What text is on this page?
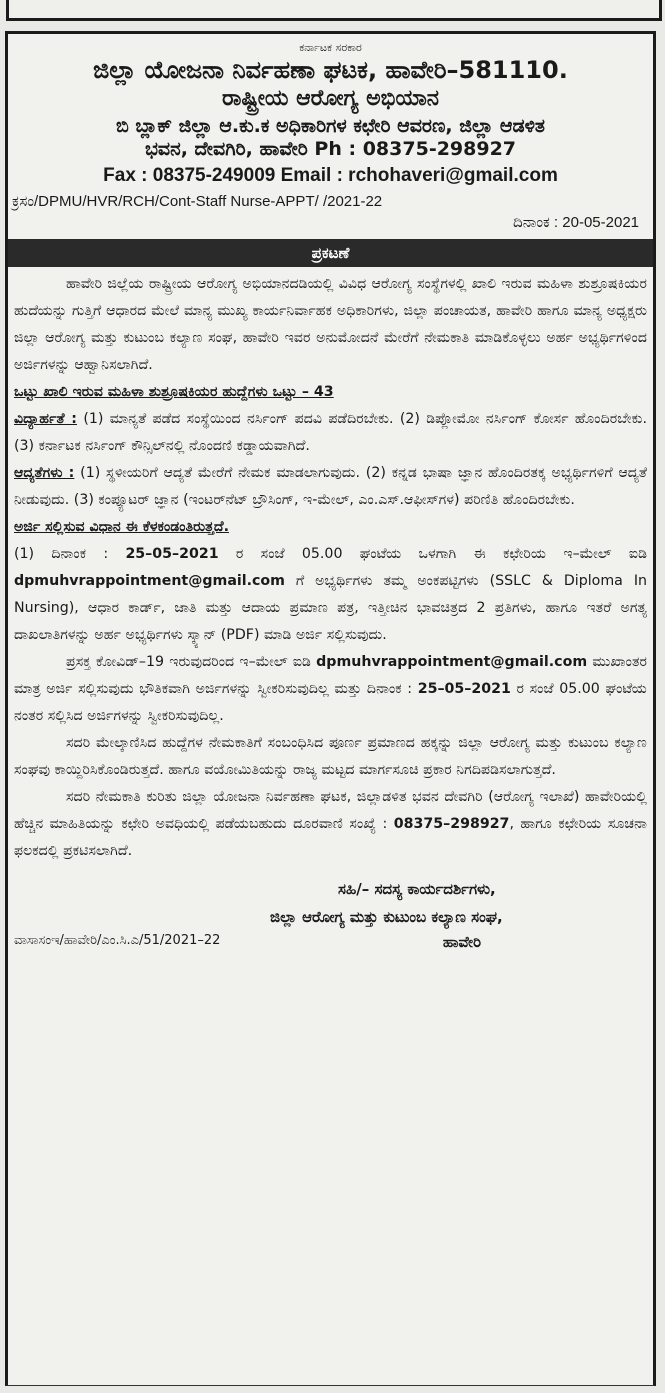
ಕರ್ನಾಟಕ ಸರಕಾರ
ಜಿಲ್ಲಾ ಯೋಜನಾ ನಿರ್ವಹಣಾ ಘಟಕ, ಹಾವೇರಿ–581110.
ರಾಷ್ಟ್ರೀಯ ಆರೋಗ್ಯ ಅಭಿಯಾನ
ಬಿ ಬ್ಲಾಕ್ ಜಿಲ್ಲಾ ಆ.ಕು.ಕ ಅಧಿಕಾರಿಗಳ ಕಛೇರಿ ಆವರಣ, ಜಿಲ್ಲಾ ಆಡಳಿತ
ಭವನ, ದೇವಗಿರಿ, ಹಾವೇರಿ Ph : 08375-298927
Fax : 08375-249009 Email : rchohaveri@gmail.com
ಕ್ರಸಂ/DPMU/HVR/RCH/Cont-Staff Nurse-APPT/ /2021-22
ದಿನಾಂಕ : 20-05-2021
ಪ್ರಕಟಣೆ

ಹಾವೇರಿ ಜಿಲ್ಲೆಯ ರಾಷ್ಟ್ರೀಯ ಆರೋಗ್ಯ ಅಭಿಯಾನದಡಿಯಲ್ಲಿ ವಿವಿಧ ಆರೋಗ್ಯ ಸಂಸ್ಥೆಗಳಲ್ಲಿ ಖಾಲಿ ಇರುವ ಮಹಿಳಾ ಶುಶ್ರೂಷಕಿಯರ ಹುದೆಯನ್ನು ಗುತ್ತಿಗೆ ಆಧಾರದ ಮೇಲೆ ಮಾನ್ಯ ಮುಖ್ಯ ಕಾರ್ಯನಿರ್ವಾಹಕ ಅಧಿಕಾರಿಗಳು, ಜಿಲ್ಲಾ ಪಂಚಾಯತ, ಹಾವೇರಿ ಹಾಗೂ ಮಾನ್ಯ ಅಧ್ಯಕ್ಷರು ಜಿಲ್ಲಾ ಆರೋಗ್ಯ ಮತ್ತು ಕುಟುಂಬ ಕಲ್ಯಾಣ ಸಂಘ, ಹಾವೇರಿ ಇವರ ಅನುಮೋದನೆ ಮೇರೆಗೆ ನೇಮಕಾತಿ ಮಾಡಿಕೊಳ್ಳಲು ಅರ್ಹ ಅಭ್ಯರ್ಥಿಗಳಿಂದ ಅರ್ಜಿಗಳನ್ನು ಆಹ್ವಾನಿಸಲಾಗಿದೆ.

ಒಟ್ಟು ಖಾಲಿ ಇರುವ ಮಹಿಳಾ ಶುಶ್ರೂಷಕಿಯರ ಹುದ್ದೆಗಳು ಒಟ್ಟು – 43

ವಿದ್ಯಾರ್ಹತೆ : (1) ಮಾನ್ಯತೆ ಪಡೆದ ಸಂಸ್ಥೆಯಿಂದ ನರ್ಸಿಂಗ್ ಪದವಿ ಪಡೆದಿರಬೇಕು. (2) ಡಿಪ್ಲೋಮೋ ನರ್ಸಿಂಗ್ ಕೋರ್ಸ ಹೊಂದಿರಬೇಕು. (3) ಕರ್ನಾಟಕ ನರ್ಸಿಂಗ್ ಕೌನ್ಸಿಲ್‌ನಲ್ಲಿ ನೊಂದಣಿ ಕಡ್ಡಾಯವಾಗಿದೆ.

ಆದ್ಯತೆಗಳು : (1) ಸ್ಥಳೀಯರಿಗೆ ಆದ್ಯತೆ ಮೇರೆಗೆ ನೇಮಕ ಮಾಡಲಾಗುವುದು. (2) ಕನ್ನಡ ಭಾಷಾ ಜ್ಞಾನ ಹೊಂದಿರತಕ್ಕ ಅಭ್ಯರ್ಥಿಗಳಿಗೆ ಆದ್ಯತೆ ನೀಡುವುದು. (3) ಕಂಪ್ಯೂಟರ್ ಜ್ಞಾನ (ಇಂಟರ್‌ನೆಟ್ ಬ್ರೌಸಿಂಗ್, ಇ-ಮೇಲ್, ಎಂ.ಎಸ್.ಆಫೀಸ್‌ಗಳ) ಪರಿಣಿತಿ ಹೊಂದಿರಬೇಕು.

ಅರ್ಜಿ ಸಲ್ಲಿಸುವ ವಿಧಾನ ಈ ಕೆಳಕಂಡಂತಿರುತ್ತದೆ.

(1) ದಿನಾಂಕ : 25–05–2021 ರ ಸಂಜೆ 05.00 ಘಂಟೆಯ ಒಳಗಾಗಿ ಈ ಕಛೇರಿಯ ಇ–ಮೇಲ್ ಐಡಿ dpmuhvrappointment@gmail.com ಗೆ ಅಭ್ಯರ್ಥಿಗಳು ತಮ್ಮ ಅಂಕಪಟ್ಟಿಗಳು (SSLC & Diploma In Nursing), ಆಧಾರ ಕಾರ್ಡ್, ಜಾತಿ ಮತ್ತು ಆದಾಯ ಪ್ರಮಾಣ ಪತ್ರ, ಇತ್ತೀಚಿನ ಭಾವಚಿತ್ರದ 2 ಪ್ರತಿಗಳು, ಹಾಗೂ ಇತರೆ ಅಗತ್ಯ ದಾಖಲಾತಿಗಳನ್ನು ಅರ್ಹ ಅಭ್ಯರ್ಥಿಗಳು ಸ್ಕ್ಯಾನ್ (PDF) ಮಾಡಿ ಅರ್ಜಿ ಸಲ್ಲಿಸುವುದು.

ಪ್ರಸಕ್ತ ಕೋವಿಡ್–19 ಇರುವುದರಿಂದ ಇ–ಮೇಲ್ ಐಡಿ dpmuhvrappointment@gmail.com ಮುಖಾಂತರ ಮಾತ್ರ ಅರ್ಜಿ ಸಲ್ಲಿಸುವುದು ಭೌತಿಕವಾಗಿ ಅರ್ಜಿಗಳನ್ನು ಸ್ವೀಕರಿಸುವುದಿಲ್ಲ ಮತ್ತು ದಿನಾಂಕ : 25–05–2021 ರ ಸಂಜೆ 05.00 ಘಂಟೆಯ ನಂತರ ಸಲ್ಲಿಸಿದ ಅರ್ಜಿಗಳನ್ನು ಸ್ವೀಕರಿಸುವುದಿಲ್ಲ.

ಸದರಿ ಮೇಲ್ಕಾಣಿಸಿದ ಹುದ್ದೆಗಳ ನೇಮಕಾತಿಗೆ ಸಂಬಂಧಿಸಿದ ಪೂರ್ಣ ಪ್ರಮಾಣದ ಹಕ್ಕನ್ನು ಜಿಲ್ಲಾ ಆರೋಗ್ಯ ಮತ್ತು ಕುಟುಂಬ ಕಲ್ಯಾಣ ಸಂಘವು ಕಾಯ್ದಿರಿಸಿಕೊಂಡಿರುತ್ತದೆ. ಹಾಗೂ ವಯೋಮಿತಿಯನ್ನು ರಾಜ್ಯ ಮಟ್ಟದ ಮಾರ್ಗಸೂಚಿ ಪ್ರಕಾರ ನಿಗದಿಪಡಿಸಲಾಗುತ್ತದೆ.

ಸದರಿ ನೇಮಕಾತಿ ಕುರಿತು ಜಿಲ್ಲಾ ಯೋಜನಾ ನಿರ್ವಹಣಾ ಘಟಕ, ಜಿಲ್ಲಾಡಳಿತ ಭವನ ದೇವಗಿರಿ (ಆರೋಗ್ಯ ಇಲಾಖೆ) ಹಾವೇರಿಯಲ್ಲಿ ಹೆಚ್ಚಿನ ಮಾಹಿತಿಯನ್ನು ಕಛೇರಿ ಅವಧಿಯಲ್ಲಿ ಪಡೆಯಬಹುದು ದೂರವಾಣಿ ಸಂಖ್ಯೆ : 08375–298927, ಹಾಗೂ ಕಛೇರಿಯ ಸೂಚನಾ ಫಲಕದಲ್ಲಿ ಪ್ರಕಟಿಸಲಾಗಿದೆ.

ಸಹಿ/– ಸದಸ್ಯ ಕಾರ್ಯದರ್ಶಿಗಳು,
ಜಿಲ್ಲಾ ಆರೋಗ್ಯ ಮತ್ತು ಕುಟುಂಬ ಕಲ್ಯಾಣ ಸಂಘ,
ವಾಸಾಸಂಇ/ಹಾವೇರಿ/ಎಂ.ಸಿ.ಎ/51/2021–22	ಹಾವೇರಿ
